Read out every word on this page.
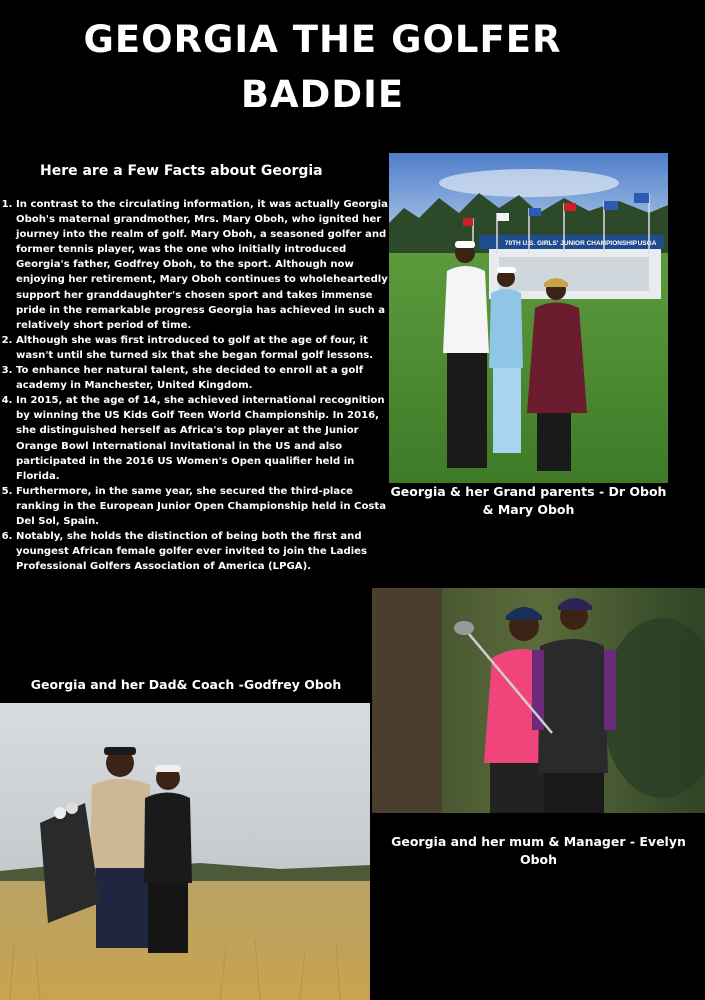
GEORGIA THE GOLFER
BADDIE
Here are a Few Facts about Georgia
1. In contrast to the circulating information, it was actually Georgia Oboh's maternal grandmother, Mrs. Mary Oboh, who ignited her journey into the realm of golf. Mary Oboh, a seasoned golfer and former tennis player, was the one who initially introduced Georgia's father, Godfrey Oboh, to the sport. Although now enjoying her retirement, Mary Oboh continues to wholeheartedly support her granddaughter's chosen sport and takes immense pride in the remarkable progress Georgia has achieved in such a relatively short period of time.
2. Although she was first introduced to golf at the age of four, it wasn't until she turned six that she began formal golf lessons.
3. To enhance her natural talent, she decided to enroll at a golf academy in Manchester, United Kingdom.
4. In 2015, at the age of 14, she achieved international recognition by winning the US Kids Golf Teen World Championship. In 2016, she distinguished herself as Africa's top player at the Junior Orange Bowl International Invitational in the US and also participated in the 2016 US Women's Open qualifier held in Florida.
5. Furthermore, in the same year, she secured the third-place ranking in the European Junior Open Championship held in Costa Del Sol, Spain.
6. Notably, she holds the distinction of being both the first and youngest African female golfer ever invited to join the Ladies Professional Golfers Association of America (LPGA).
70TH U.S. GIRLS' JUNIOR CHAMPIONSHIP USGA
Georgia & her Grand parents - Dr Oboh & Mary Oboh
Georgia and her mum & Manager - Evelyn Oboh
Georgia and her Dad& Coach -Godfrey Oboh
